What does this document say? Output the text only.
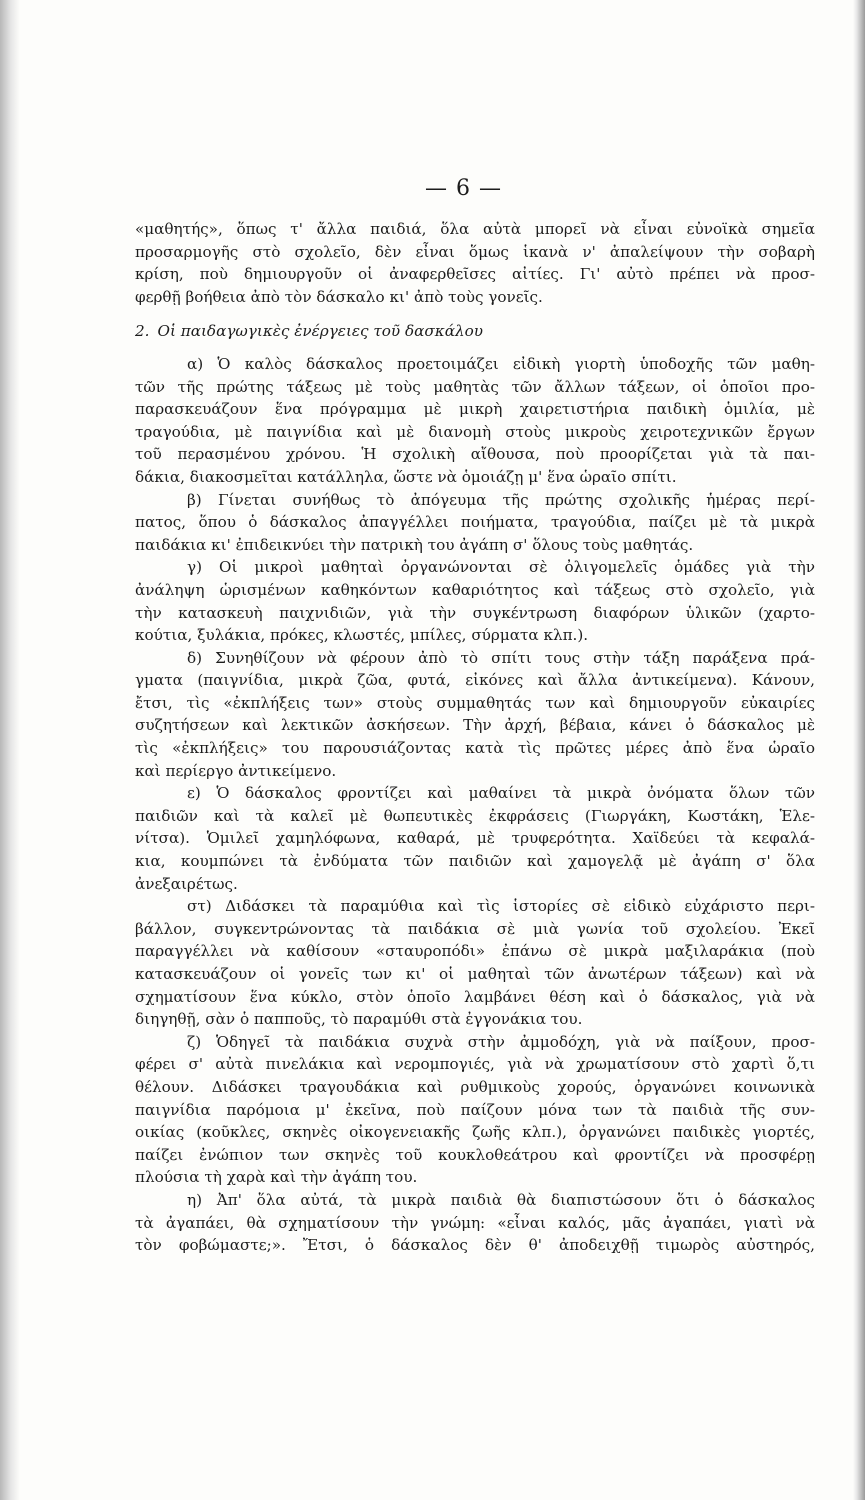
— 6 —
«μαθητής», ὅπως τ' ἄλλα παιδιά, ὅλα αὐτὰ μπορεῖ νὰ εἶναι εὐνοϊκὰ σημεῖα
προσαρμογῆς στὸ σχολεῖο, δὲν εἶναι ὅμως ἱκανὰ ν' ἀπαλείψουν τὴν σοβαρὴ
κρίση, ποὺ δημιουργοῦν οἱ ἀναφερθεῖσες αἰτίες. Γι' αὐτὸ πρέπει νὰ προσ-
φερθῇ βοήθεια ἀπὸ τὸν δάσκαλο κι' ἀπὸ τοὺς γονεῖς.
2. Οἱ παιδαγωγικὲς ἐνέργειες τοῦ δασκάλου
α) Ὁ καλὸς δάσκαλος προετοιμάζει εἰδικὴ γιορτὴ ὑποδοχῆς τῶν μαθη-
τῶν τῆς πρώτης τάξεως μὲ τοὺς μαθητὰς τῶν ἄλλων τάξεων, οἱ ὁποῖοι προ-
παρασκευάζουν ἕνα πρόγραμμα μὲ μικρὴ χαιρετιστήρια παιδικὴ ὁμιλία, μὲ
τραγούδια, μὲ παιγνίδια καὶ μὲ διανομὴ στοὺς μικροὺς χειροτεχνικῶν ἔργων
τοῦ περασμένου χρόνου. Ἡ σχολικὴ αἴθουσα, ποὺ προορίζεται γιὰ τὰ παι-
δάκια, διακοσμεῖται κατάλληλα, ὥστε νὰ ὁμοιάζῃ μ' ἕνα ὡραῖο σπίτι.
β) Γίνεται συνήθως τὸ ἀπόγευμα τῆς πρώτης σχολικῆς ἡμέρας περί-
πατος, ὅπου ὁ δάσκαλος ἀπαγγέλλει ποιήματα, τραγούδια, παίζει μὲ τὰ μικρὰ
παιδάκια κι' ἐπιδεικνύει τὴν πατρικὴ του ἀγάπη σ' ὅλους τοὺς μαθητάς.
γ) Οἱ μικροὶ μαθηταὶ ὀργανώνονται σὲ ὀλιγομελεῖς ὁμάδες γιὰ τὴν
ἀνάληψη ὡρισμένων καθηκόντων καθαριότητος καὶ τάξεως στὸ σχολεῖο, γιὰ
τὴν κατασκευὴ παιχνιδιῶν, γιὰ τὴν συγκέντρωση διαφόρων ὑλικῶν (χαρτο-
κούτια, ξυλάκια, πρόκες, κλωστές, μπίλες, σύρματα κλπ.).
δ) Συνηθίζουν νὰ φέρουν ἀπὸ τὸ σπίτι τους στὴν τάξη παράξενα πρά-
γματα (παιγνίδια, μικρὰ ζῶα, φυτά, εἰκόνες καὶ ἄλλα ἀντικείμενα). Κάνουν,
ἔτσι, τὶς «ἐκπλήξεις των» στοὺς συμμαθητάς των καὶ δημιουργοῦν εὐκαιρίες
συζητήσεων καὶ λεκτικῶν ἀσκήσεων. Τὴν ἀρχή, βέβαια, κάνει ὁ δάσκαλος μὲ
τὶς «ἐκπλήξεις» του παρουσιάζοντας κατὰ τὶς πρῶτες μέρες ἀπὸ ἕνα ὡραῖο
καὶ περίεργο ἀντικείμενο.
ε) Ὁ δάσκαλος φροντίζει καὶ μαθαίνει τὰ μικρὰ ὀνόματα ὅλων τῶν
παιδιῶν καὶ τὰ καλεῖ μὲ θωπευτικὲς ἐκφράσεις (Γιωργάκη, Κωστάκη, Ἑλε-
νίτσα). Ὁμιλεῖ χαμηλόφωνα, καθαρά, μὲ τρυφερότητα. Χαϊδεύει τὰ κεφαλά-
κια, κουμπώνει τὰ ἐνδύματα τῶν παιδιῶν καὶ χαμογελᾷ μὲ ἀγάπη σ' ὅλα
ἀνεξαιρέτως.
στ) Διδάσκει τὰ παραμύθια καὶ τὶς ἱστορίες σὲ εἰδικὸ εὐχάριστο περι-
βάλλον, συγκεντρώνοντας τὰ παιδάκια σὲ μιὰ γωνία τοῦ σχολείου. Ἐκεῖ
παραγγέλλει νὰ καθίσουν «σταυροπόδι» ἐπάνω σὲ μικρὰ μαξιλαράκια (ποὺ
κατασκευάζουν οἱ γονεῖς των κι' οἱ μαθηταὶ τῶν ἀνωτέρων τάξεων) καὶ νὰ
σχηματίσουν ἕνα κύκλο, στὸν ὁποῖο λαμβάνει θέση καὶ ὁ δάσκαλος, γιὰ νὰ
διηγηθῇ, σὰν ὁ παπποῦς, τὸ παραμύθι στὰ ἐγγονάκια του.
ζ) Ὁδηγεῖ τὰ παιδάκια συχνὰ στὴν ἀμμοδόχη, γιὰ νὰ παίξουν, προσ-
φέρει σ' αὐτὰ πινελάκια καὶ νερομπογιές, γιὰ νὰ χρωματίσουν στὸ χαρτὶ ὅ,τι
θέλουν. Διδάσκει τραγουδάκια καὶ ρυθμικοὺς χορούς, ὀργανώνει κοινωνικὰ
παιγνίδια παρόμοια μ' ἐκεῖνα, ποὺ παίζουν μόνα των τὰ παιδιὰ τῆς συν-
οικίας (κοῦκλες, σκηνὲς οἰκογενειακῆς ζωῆς κλπ.), ὀργανώνει παιδικὲς γιορτές,
παίζει ἐνώπιον των σκηνὲς τοῦ κουκλοθεάτρου καὶ φροντίζει νὰ προσφέρῃ
πλούσια τὴ χαρὰ καὶ τὴν ἀγάπη του.
η) Ἀπ' ὅλα αὐτά, τὰ μικρὰ παιδιὰ θὰ διαπιστώσουν ὅτι ὁ δάσκαλος
τὰ ἀγαπάει, θὰ σχηματίσουν τὴν γνώμη: «εἶναι καλός, μᾶς ἀγαπάει, γιατὶ νὰ
τὸν φοβώμαστε;». Ἔτσι, ὁ δάσκαλος δὲν θ' ἀποδειχθῇ τιμωρὸς αὐστηρός,
